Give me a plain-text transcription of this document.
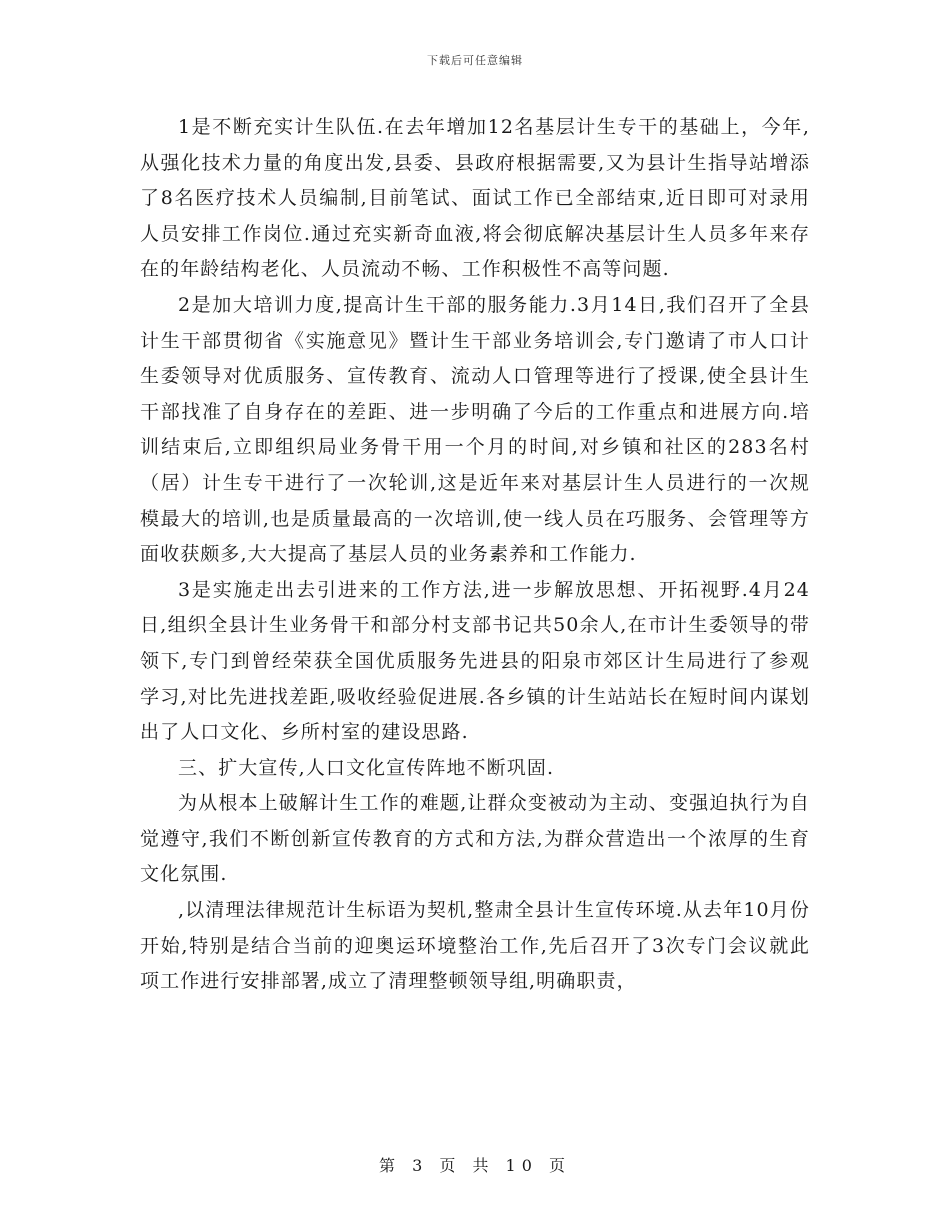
下载后可任意编辑

1是不断充实计生队伍.在去年增加12名基层计生专干的基础上，今年,从强化技术力量的角度出发,县委、县政府根据需要,又为县计生指导站增添了8名医疗技术人员编制,目前笔试、面试工作已全部结束,近日即可对录用人员安排工作岗位.通过充实新奇血液,将会彻底解决基层计生人员多年来存在的年龄结构老化、人员流动不畅、工作积极性不高等问题.

2是加大培训力度,提高计生干部的服务能力.3月14日,我们召开了全县计生干部贯彻省《实施意见》暨计生干部业务培训会,专门邀请了市人口计生委领导对优质服务、宣传教育、流动人口管理等进行了授课,使全县计生干部找准了自身存在的差距、进一步明确了今后的工作重点和进展方向.培训结束后,立即组织局业务骨干用一个月的时间,对乡镇和社区的283名村（居）计生专干进行了一次轮训,这是近年来对基层计生人员进行的一次规模最大的培训,也是质量最高的一次培训,使一线人员在巧服务、会管理等方面收获颇多,大大提高了基层人员的业务素养和工作能力.

3是实施走出去引进来的工作方法,进一步解放思想、开拓视野.4月24日,组织全县计生业务骨干和部分村支部书记共50余人,在市计生委领导的带领下,专门到曾经荣获全国优质服务先进县的阳泉市郊区计生局进行了参观学习,对比先进找差距,吸收经验促进展.各乡镇的计生站站长在短时间内谋划出了人口文化、乡所村室的建设思路.

三、扩大宣传,人口文化宣传阵地不断巩固.

为从根本上破解计生工作的难题,让群众变被动为主动、变强迫执行为自觉遵守,我们不断创新宣传教育的方式和方法,为群众营造出一个浓厚的生育文化氛围.

,以清理法律规范计生标语为契机,整肃全县计生宣传环境.从去年10月份开始,特别是结合当前的迎奥运环境整治工作,先后召开了3次专门会议就此项工作进行安排部署,成立了清理整顿领导组,明确职责，

第 3 页 共 10 页
